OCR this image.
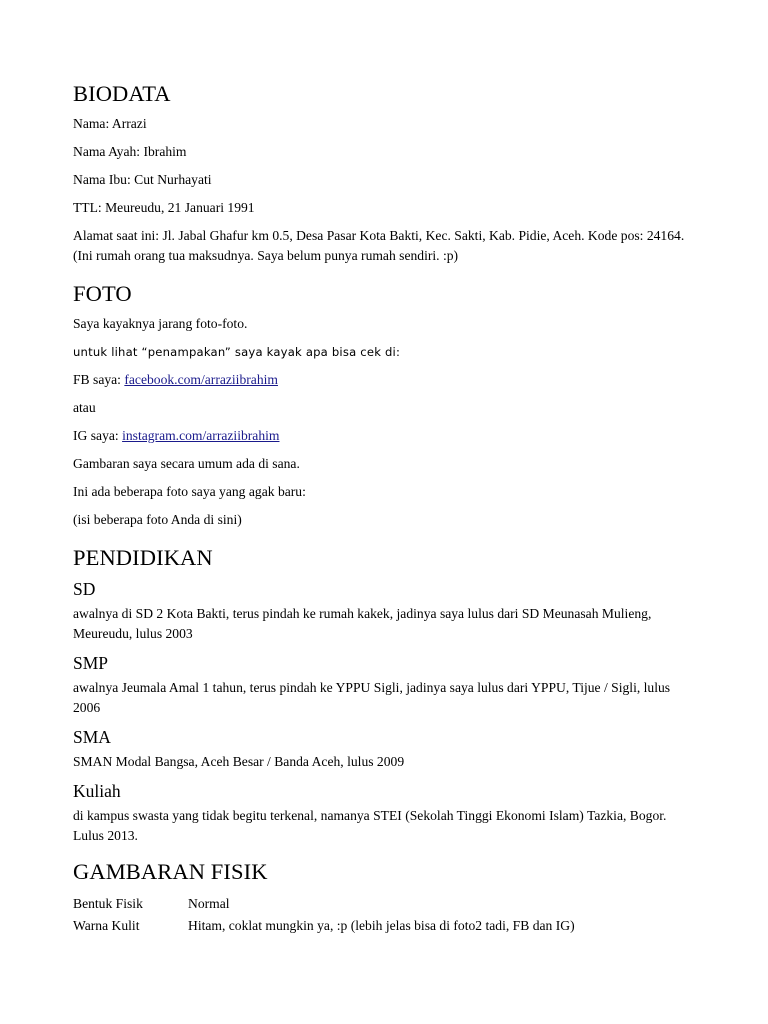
BIODATA

Nama: Arrazi

Nama Ayah: Ibrahim

Nama Ibu: Cut Nurhayati

TTL: Meureudu, 21 Januari 1991

Alamat saat ini: Jl. Jabal Ghafur km 0.5, Desa Pasar Kota Bakti, Kec. Sakti, Kab. Pidie, Aceh. Kode pos: 24164. (Ini rumah orang tua maksudnya. Saya belum punya rumah sendiri. :p)

FOTO

Saya kayaknya jarang foto-foto.

untuk lihat “penampakan” saya kayak apa bisa cek di:

FB saya: facebook.com/arraziibrahim

atau

IG saya: instagram.com/arraziibrahim

Gambaran saya secara umum ada di sana.

Ini ada beberapa foto saya yang agak baru:

(isi beberapa foto Anda di sini)

PENDIDIKAN
SD

awalnya di SD 2 Kota Bakti, terus pindah ke rumah kakek, jadinya saya lulus dari SD Meunasah Mulieng, Meureudu, lulus 2003

SMP

awalnya Jeumala Amal 1 tahun, terus pindah ke YPPU Sigli, jadinya saya lulus dari YPPU, Tijue / Sigli, lulus 2006

SMA

SMAN Modal Bangsa, Aceh Besar / Banda Aceh, lulus 2009

Kuliah

di kampus swasta yang tidak begitu terkenal, namanya STEI (Sekolah Tinggi Ekonomi Islam) Tazkia, Bogor. Lulus 2013.

GAMBARAN FISIK
Bentuk Fisik	Normal
Warna Kulit	Hitam, coklat mungkin ya, :p (lebih jelas bisa di foto2 tadi, FB dan IG)
